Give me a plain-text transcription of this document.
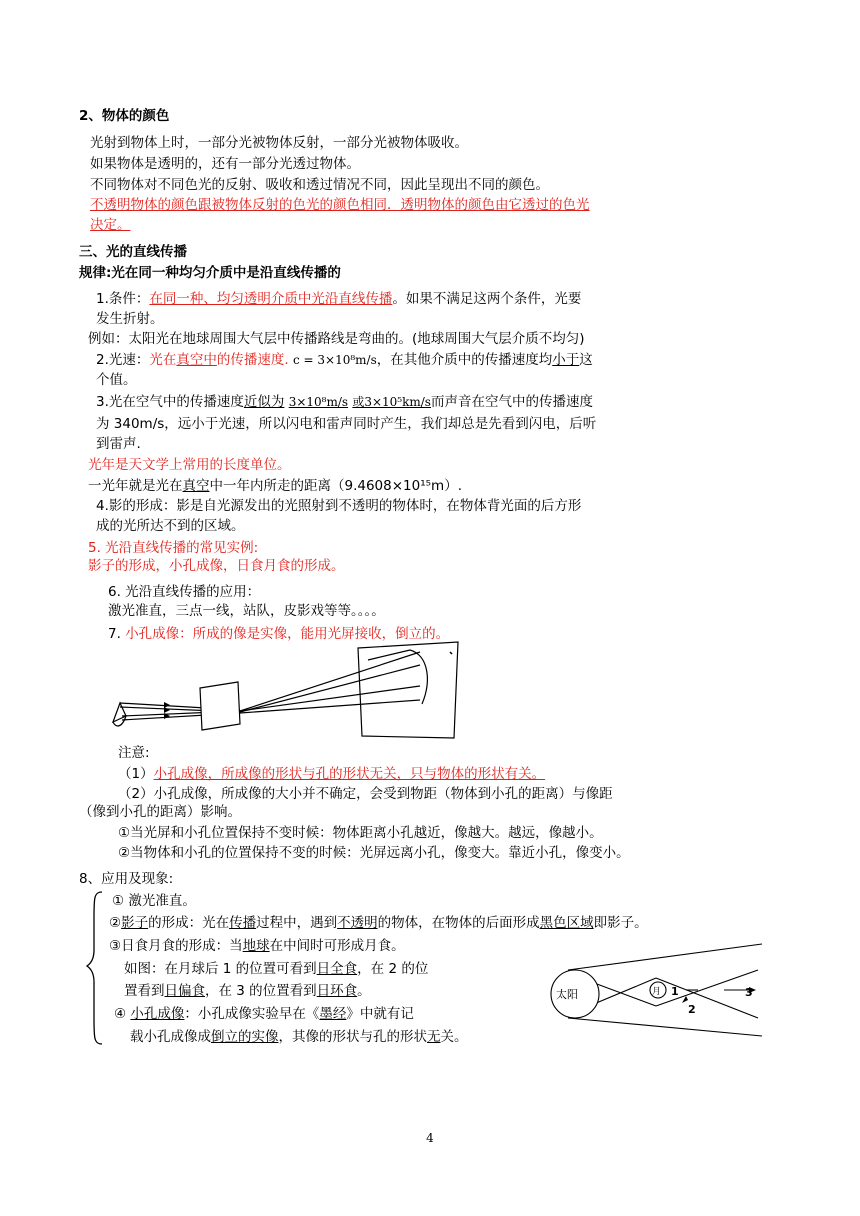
2、物体的颜色
光射到物体上时，一部分光被物体反射，一部分光被物体吸收。
如果物体是透明的，还有一部分光透过物体。
不同物体对不同色光的反射、吸收和透过情况不同，因此呈现出不同的颜色。
不透明物体的颜色跟被物体反射的色光的颜色相同．透明物体的颜色由它透过的色光
决定。
三、光的直线传播
规律:光在同一种均匀介质中是沿直线传播的
1.条件：在同一种、均匀透明介质中光沿直线传播。如果不满足这两个条件，光要
发生折射。
例如：太阳光在地球周围大气层中传播路线是弯曲的。(地球周围大气层介质不均匀)
2.光速：光在真空中的传播速度. c = 3×10⁸m/s，在其他介质中的传播速度均小于这
个值。
3.光在空气中的传播速度近似为 3×10⁸m/s 或3×10⁵km/s而声音在空气中的传播速度
为 340m/s，远小于光速，所以闪电和雷声同时产生，我们却总是先看到闪电，后听
到雷声.
光年是天文学上常用的长度单位。
一光年就是光在真空中一年内所走的距离（9.4608×10¹⁵m）.
4.影的形成：影是自光源发出的光照射到不透明的物体时，在物体背光面的后方形
成的光所达不到的区域。
5. 光沿直线传播的常见实例:
影子的形成，小孔成像，日食月食的形成。
6. 光沿直线传播的应用：
激光准直，三点一线，站队，皮影戏等等。。。。
7. 小孔成像：所成的像是实像，能用光屏接收，倒立的。
注意:
（1）小孔成像，所成像的形状与孔的形状无关，只与物体的形状有关。
（2）小孔成像，所成像的大小并不确定，会受到物距（物体到小孔的距离）与像距
（像到小孔的距离）影响。
①当光屏和小孔位置保持不变时候：物体距离小孔越近，像越大。越远，像越小。
②当物体和小孔的位置保持不变的时候：光屏远离小孔，像变大。靠近小孔，像变小。
8、应用及现象:
① 激光准直。
②影子的形成：光在传播过程中，遇到不透明的物体，在物体的后面形成黑色区域即影子。
③日食月食的形成：当地球在中间时可形成月食。
如图：在月球后 1 的位置可看到日全食，在 2 的位
置看到日偏食，在 3 的位置看到日环食。
④ 小孔成像：小孔成像实验早在《墨经》中就有记
载小孔成像成倒立的实像，其像的形状与孔的形状无关。
太阳	月 1
2
3
4
